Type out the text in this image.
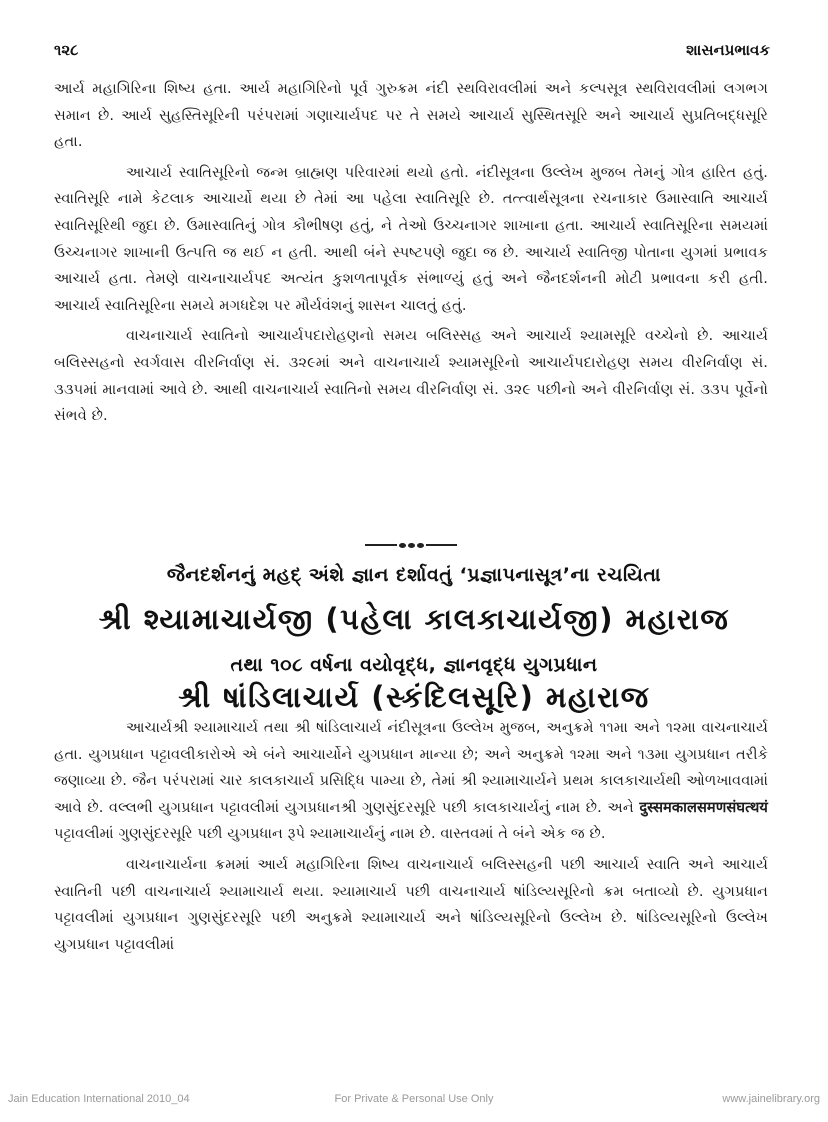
૧૨૮	શાસનપ્રભાવક

આર્ય મહાગિરિના શિષ્ય હતા. આર્ય મહાગિરિનો પૂર્વ ગુરુક્રમ નંદી સ્થવિરાવલીમાં અને કલ્પસૂત્ર સ્થવિરાવલીમાં લગભગ સમાન છે. આર્ય સુહસ્તિસૂરિની પરંપરામાં ગણાચાર્યપદ પર તે સમયે આચાર્ય સુસ્થિતસૂરિ અને આચાર્ય સુપ્રતિબદ્ધસૂરિ હતા.

આચાર્ય સ્વાતિસૂરિનો જન્મ બ્રાહ્મણ પરિવારમાં થયો હતો. નંદીસૂત્રના ઉલ્લેખ મુજબ તેમનું ગોત્ર હારિત હતું. સ્વાતિસૂરિ નામે કેટલાક આચાર્યો થયા છે તેમાં આ પહેલા સ્વાતિસૂરિ છે. તત્ત્વાર્થસૂત્રના રચનાકાર ઉમાસ્વાતિ આચાર્ય સ્વાતિસૂરિથી જુદા છે. ઉમાસ્વાતિનું ગોત્ર કૌભીષણ હતું, ને તેઓ ઉચ્ચનાગર શાખાના હતા. આચાર્ય સ્વાતિસૂરિના સમયમાં ઉચ્ચનાગર શાખાની ઉત્પત્તિ જ થઈ ન હતી. આથી બંને સ્પષ્ટપણે જુદા જ છે. આચાર્ય સ્વાતિજી પોતાના યુગમાં પ્રભાવક આચાર્ય હતા. તેમણે વાચનાચાર્યપદ અત્યંત કુશળતાપૂર્વક સંભાળ્યું હતું અને જૈનદર્શનની મોટી પ્રભાવના કરી હતી. આચાર્ય સ્વાતિસૂરિના સમયે મગધદેશ પર મૌર્યવંશનું શાસન ચાલતું હતું.

વાચનાચાર્ય સ્વાતિનો આચાર્યપદારોહણનો સમય બલિસ્સહ અને આચાર્ય શ્યામસૂરિ વચ્ચેનો છે. આચાર્ય બલિસ્સહનો સ્વર્ગવાસ વીરનિર્વાણ સં. ૩૨૯માં અને વાચનાચાર્ય શ્યામસૂરિનો આચાર્યપદારોહણ સમય વીરનિર્વાણ સં. ૩૩૫માં માનવામાં આવે છે. આથી વાચનાચાર્ય સ્વાતિનો સમય વીરનિર્વાણ સં. ૩૨૯ પછીનો અને વીરનિર્વાણ સં. ૩૩૫ પૂર્વેનો સંભવે છે.

જૈનદર્શનનું મહદ્ અંશે જ્ઞાન દર્શાવતું ‘પ્રજ્ઞાપનાસૂત્ર’ના રચયિતા
શ્રી શ્યામાચાર્યજી (પહેલા કાલકાચાર્યજી) મહારાજ
તથા ૧૦૮ વર્ષના વયોવૃદ્ધ, જ્ઞાનવૃદ્ધ યુગપ્રધાન
શ્રી ષાંડિલાચાર્ય (સ્કંદિલસૂરિ) મહારાજ

આચાર્યશ્રી શ્યામાચાર્ય તથા શ્રી ષાંડિલાચાર્ય નંદીસૂત્રના ઉલ્લેખ મુજબ, અનુક્રમે ૧૧મા અને ૧૨મા વાચનાચાર્ય હતા. યુગપ્રધાન પટ્ટાવલીકારોએ એ બંને આચાર્યોને યુગપ્રધાન માન્યા છે; અને અનુક્રમે ૧૨મા અને ૧૩મા યુગપ્રધાન તરીકે જણાવ્યા છે. જૈન પરંપરામાં ચાર કાલકાચાર્ય પ્રસિદ્ધિ પામ્યા છે, તેમાં શ્રી શ્યામાચાર્યને પ્રથમ કાલકાચાર્યથી ઓળખાવવામાં આવે છે. વલ્લભી યુગપ્રધાન પટ્ટાવલીમાં યુગપ્રધાનશ્રી ગુણસુંદરસૂરિ પછી કાલકાચાર્યનું નામ છે. અને दुस्समकालसमणसंघत्थयं પટ્ટાવલીમાં ગુણસુંદરસૂરિ પછી યુગપ્રધાન રૂપે શ્યામાચાર્યનું નામ છે. વાસ્તવમાં તે બંને એક જ છે.

વાચનાચાર્યના ક્રમમાં આર્ય મહાગિરિના શિષ્ય વાચનાચાર્ય બલિસ્સહની પછી આચાર્ય સ્વાતિ અને આચાર્ય સ્વાતિની પછી વાચનાચાર્ય શ્યામાચાર્ય થયા. શ્યામાચાર્ય પછી વાચનાચાર્ય ષાંડિલ્યસૂરિનો ક્રમ બતાવ્યો છે. યુગપ્રધાન પટ્ટાવલીમાં યુગપ્રધાન ગુણસુંદરસૂરિ પછી અનુક્રમે શ્યામાચાર્ય અને ષાંડિલ્યસૂરિનો ઉલ્લેખ છે. ષાંડિલ્યસૂરિનો ઉલ્લેખ યુગપ્રધાન પટ્ટાવલીમાં

Jain Education International 2010_04	For Private & Personal Use Only	www.jainelibrary.org
